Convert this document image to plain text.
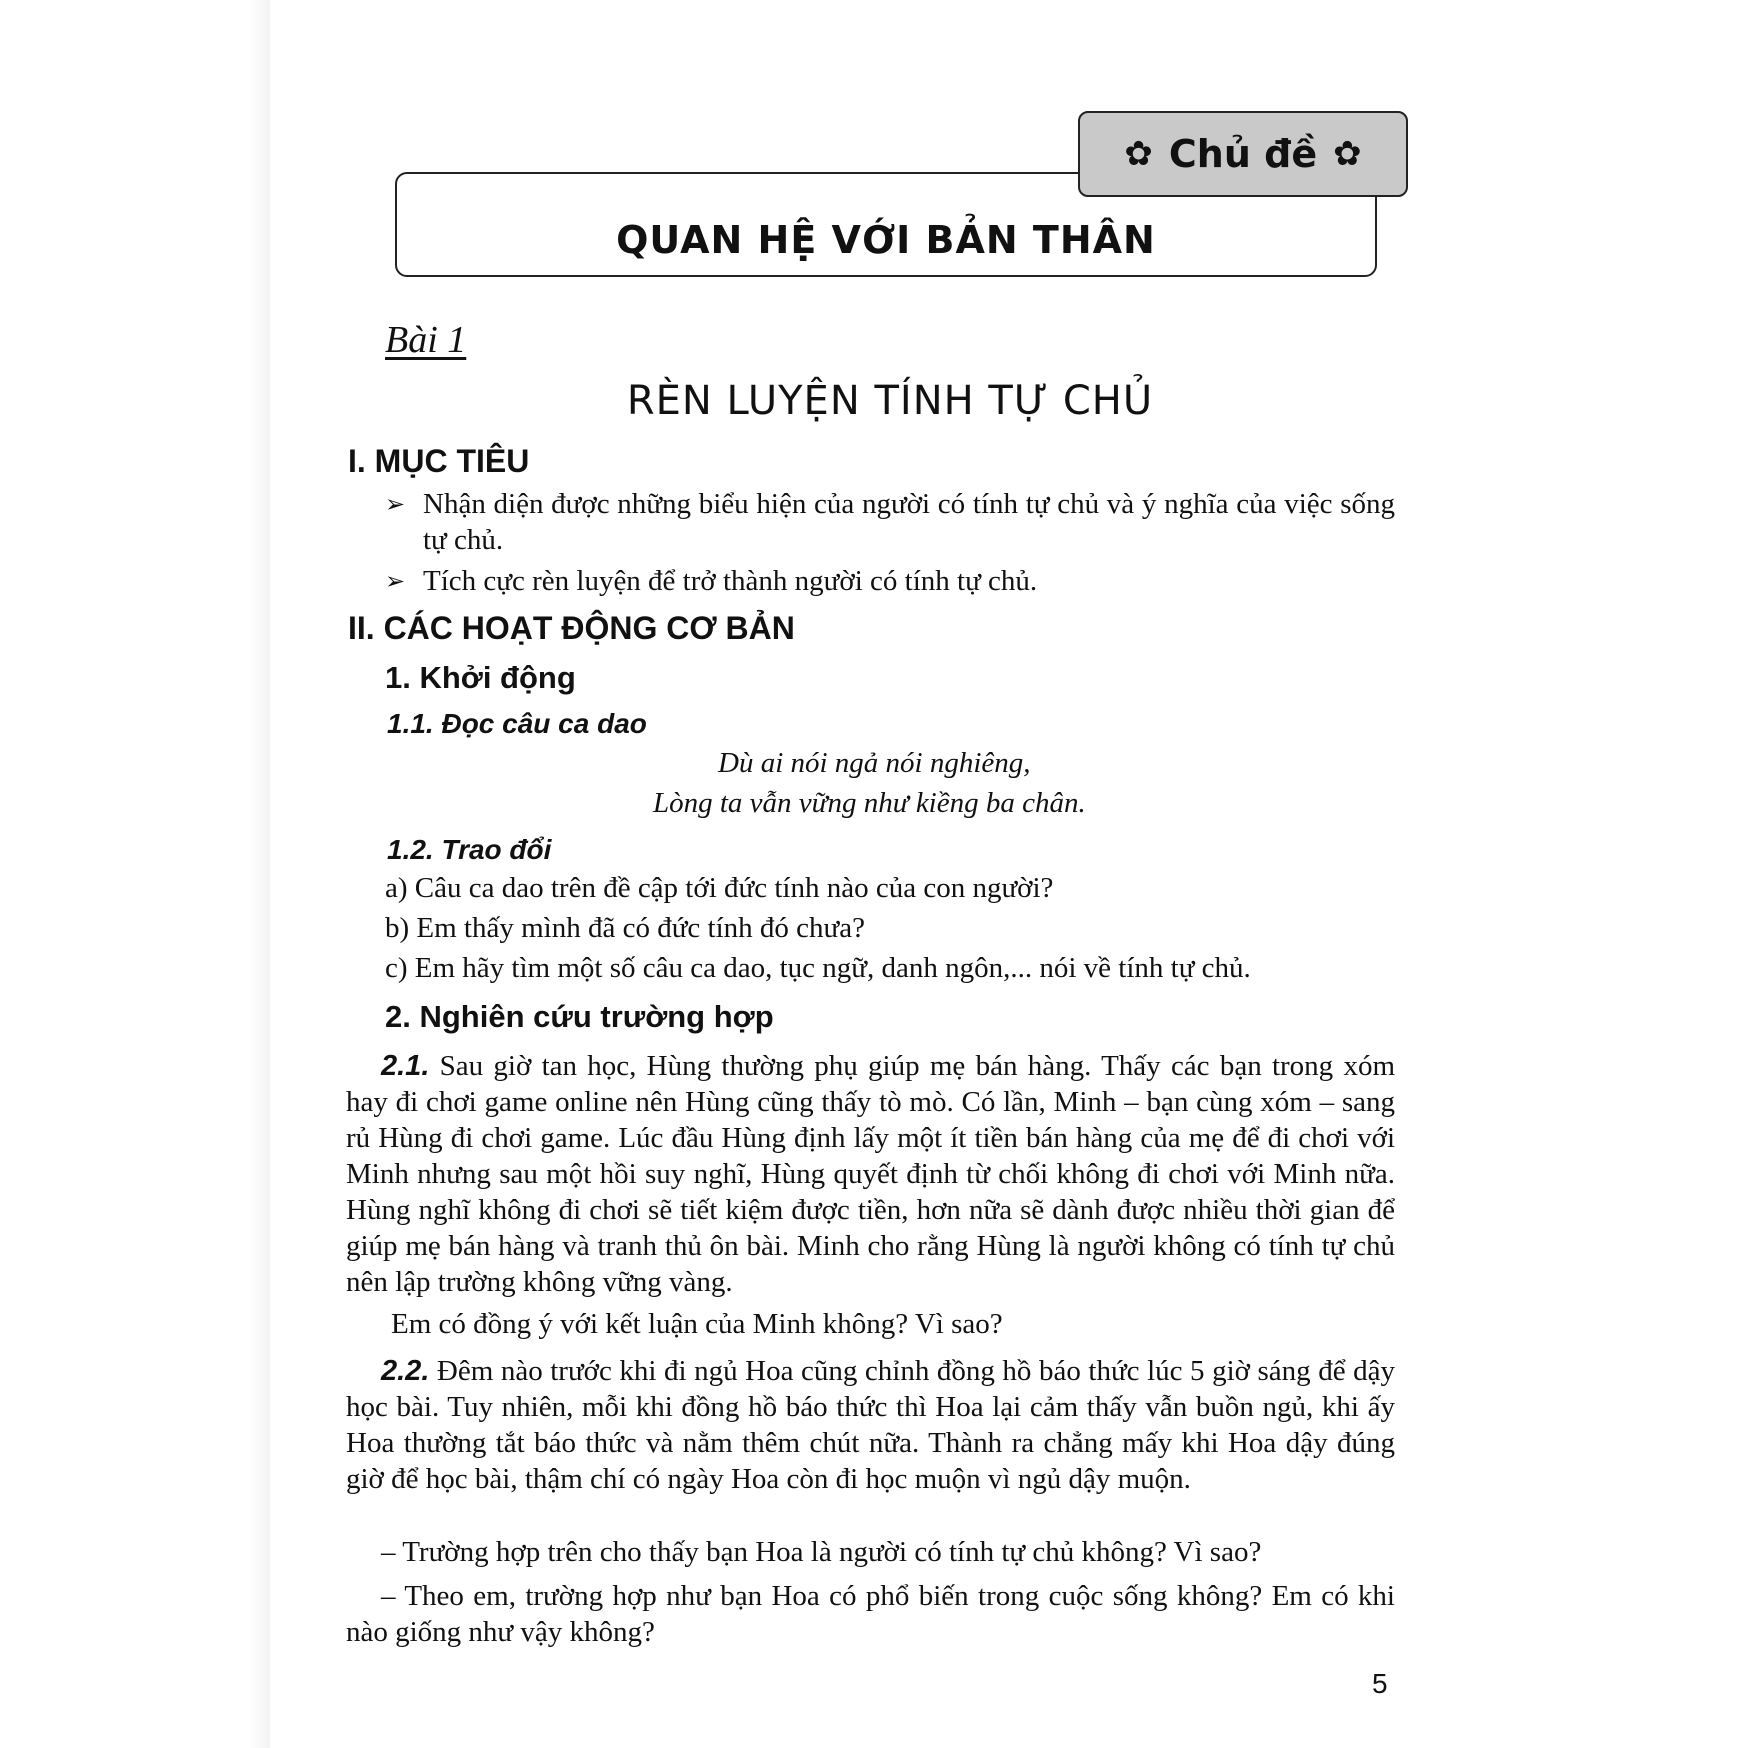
QUAN HỆ VỚI BẢN THÂN
✿ Chủ đề ✿
Bài 1
RÈN LUYỆN TÍNH TỰ CHỦ
I. MỤC TIÊU
➢ Nhận diện được những biểu hiện của người có tính tự chủ và ý nghĩa của việc sống tự chủ.
➢ Tích cực rèn luyện để trở thành người có tính tự chủ.
II. CÁC HOẠT ĐỘNG CƠ BẢN
1. Khởi động
1.1. Đọc câu ca dao
Dù ai nói ngả nói nghiêng,
Lòng ta vẫn vững như kiềng ba chân.
1.2. Trao đổi
a) Câu ca dao trên đề cập tới đức tính nào của con người?
b) Em thấy mình đã có đức tính đó chưa?
c) Em hãy tìm một số câu ca dao, tục ngữ, danh ngôn,... nói về tính tự chủ.
2. Nghiên cứu trường hợp
2.1. Sau giờ tan học, Hùng thường phụ giúp mẹ bán hàng. Thấy các bạn trong xóm hay đi chơi game online nên Hùng cũng thấy tò mò. Có lần, Minh – bạn cùng xóm – sang rủ Hùng đi chơi game. Lúc đầu Hùng định lấy một ít tiền bán hàng của mẹ để đi chơi với Minh nhưng sau một hồi suy nghĩ, Hùng quyết định từ chối không đi chơi với Minh nữa. Hùng nghĩ không đi chơi sẽ tiết kiệm được tiền, hơn nữa sẽ dành được nhiều thời gian để giúp mẹ bán hàng và tranh thủ ôn bài. Minh cho rằng Hùng là người không có tính tự chủ nên lập trường không vững vàng.
Em có đồng ý với kết luận của Minh không? Vì sao?
2.2. Đêm nào trước khi đi ngủ Hoa cũng chỉnh đồng hồ báo thức lúc 5 giờ sáng để dậy học bài. Tuy nhiên, mỗi khi đồng hồ báo thức thì Hoa lại cảm thấy vẫn buồn ngủ, khi ấy Hoa thường tắt báo thức và nằm thêm chút nữa. Thành ra chẳng mấy khi Hoa dậy đúng giờ để học bài, thậm chí có ngày Hoa còn đi học muộn vì ngủ dậy muộn.
– Trường hợp trên cho thấy bạn Hoa là người có tính tự chủ không? Vì sao?
– Theo em, trường hợp như bạn Hoa có phổ biến trong cuộc sống không? Em có khi nào giống như vậy không?
5
